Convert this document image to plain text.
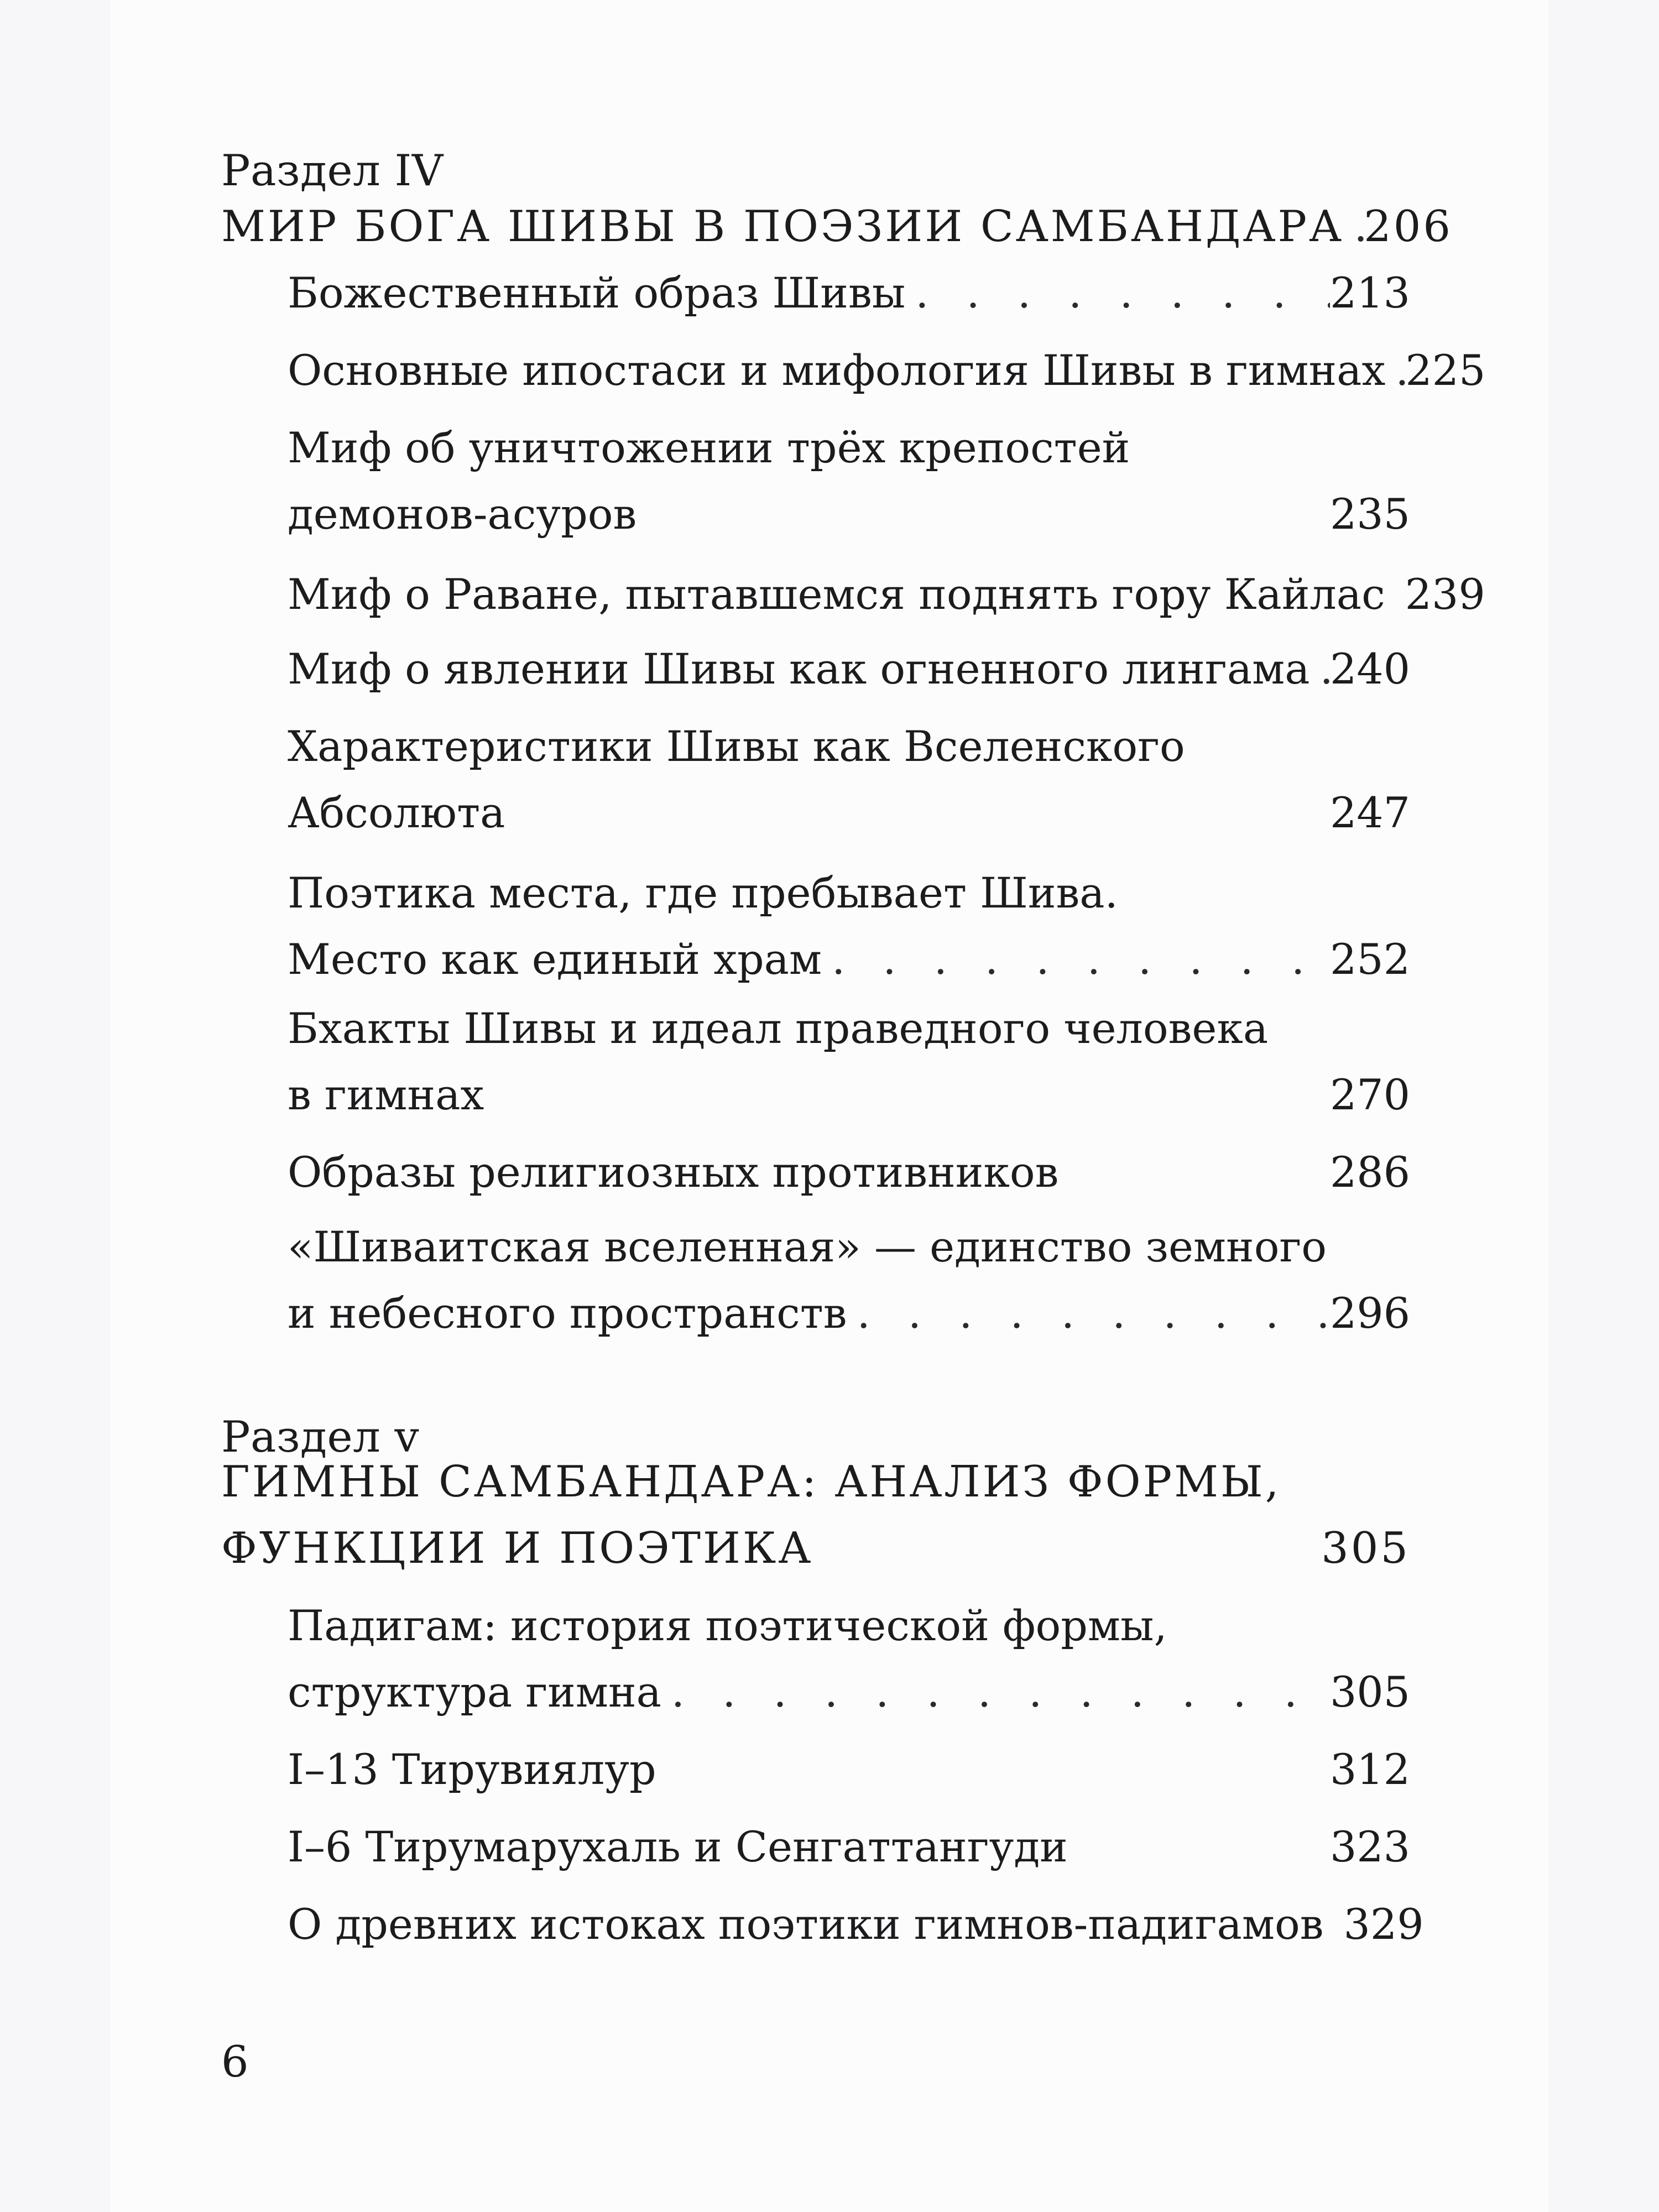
Раздел IV
МИР БОГА ШИВЫ В ПОЭЗИИ САМБАНДАРА . . . 206
Божественный образ Шивы . . .	213
Основные ипостаси и мифология Шивы в гимнах . . . 225
Миф об уничтожении трёх крепостей
демонов-асуров	235
Миф о Раване, пытавшемся поднять гору Кайлас 239
Миф о явлении Шивы как огненного лингама . . . 240
Характеристики Шивы как Вселенского
Абсолюта	247
Поэтика места, где пребывает Шива.
Место как единый храм . . .	252
Бхакты Шивы и идеал праведного человека
в гимнах	270
Образы религиозных противников	286
«Шиваитская вселенная» — единство земного
и небесного пространств . . .	296
Раздел v
ГИМНЫ САМБАНДАРА: АНАЛИЗ ФОРМЫ,
ФУНКЦИИ И ПОЭТИКА	305
Падигам: история поэтической формы,
структура гимна . . .	305
I–13 Тирувиялур	312
I–6 Тирумарухаль и Сенгаттангуди	323
О древних истоках поэтики гимнов-падигамов 329
6
